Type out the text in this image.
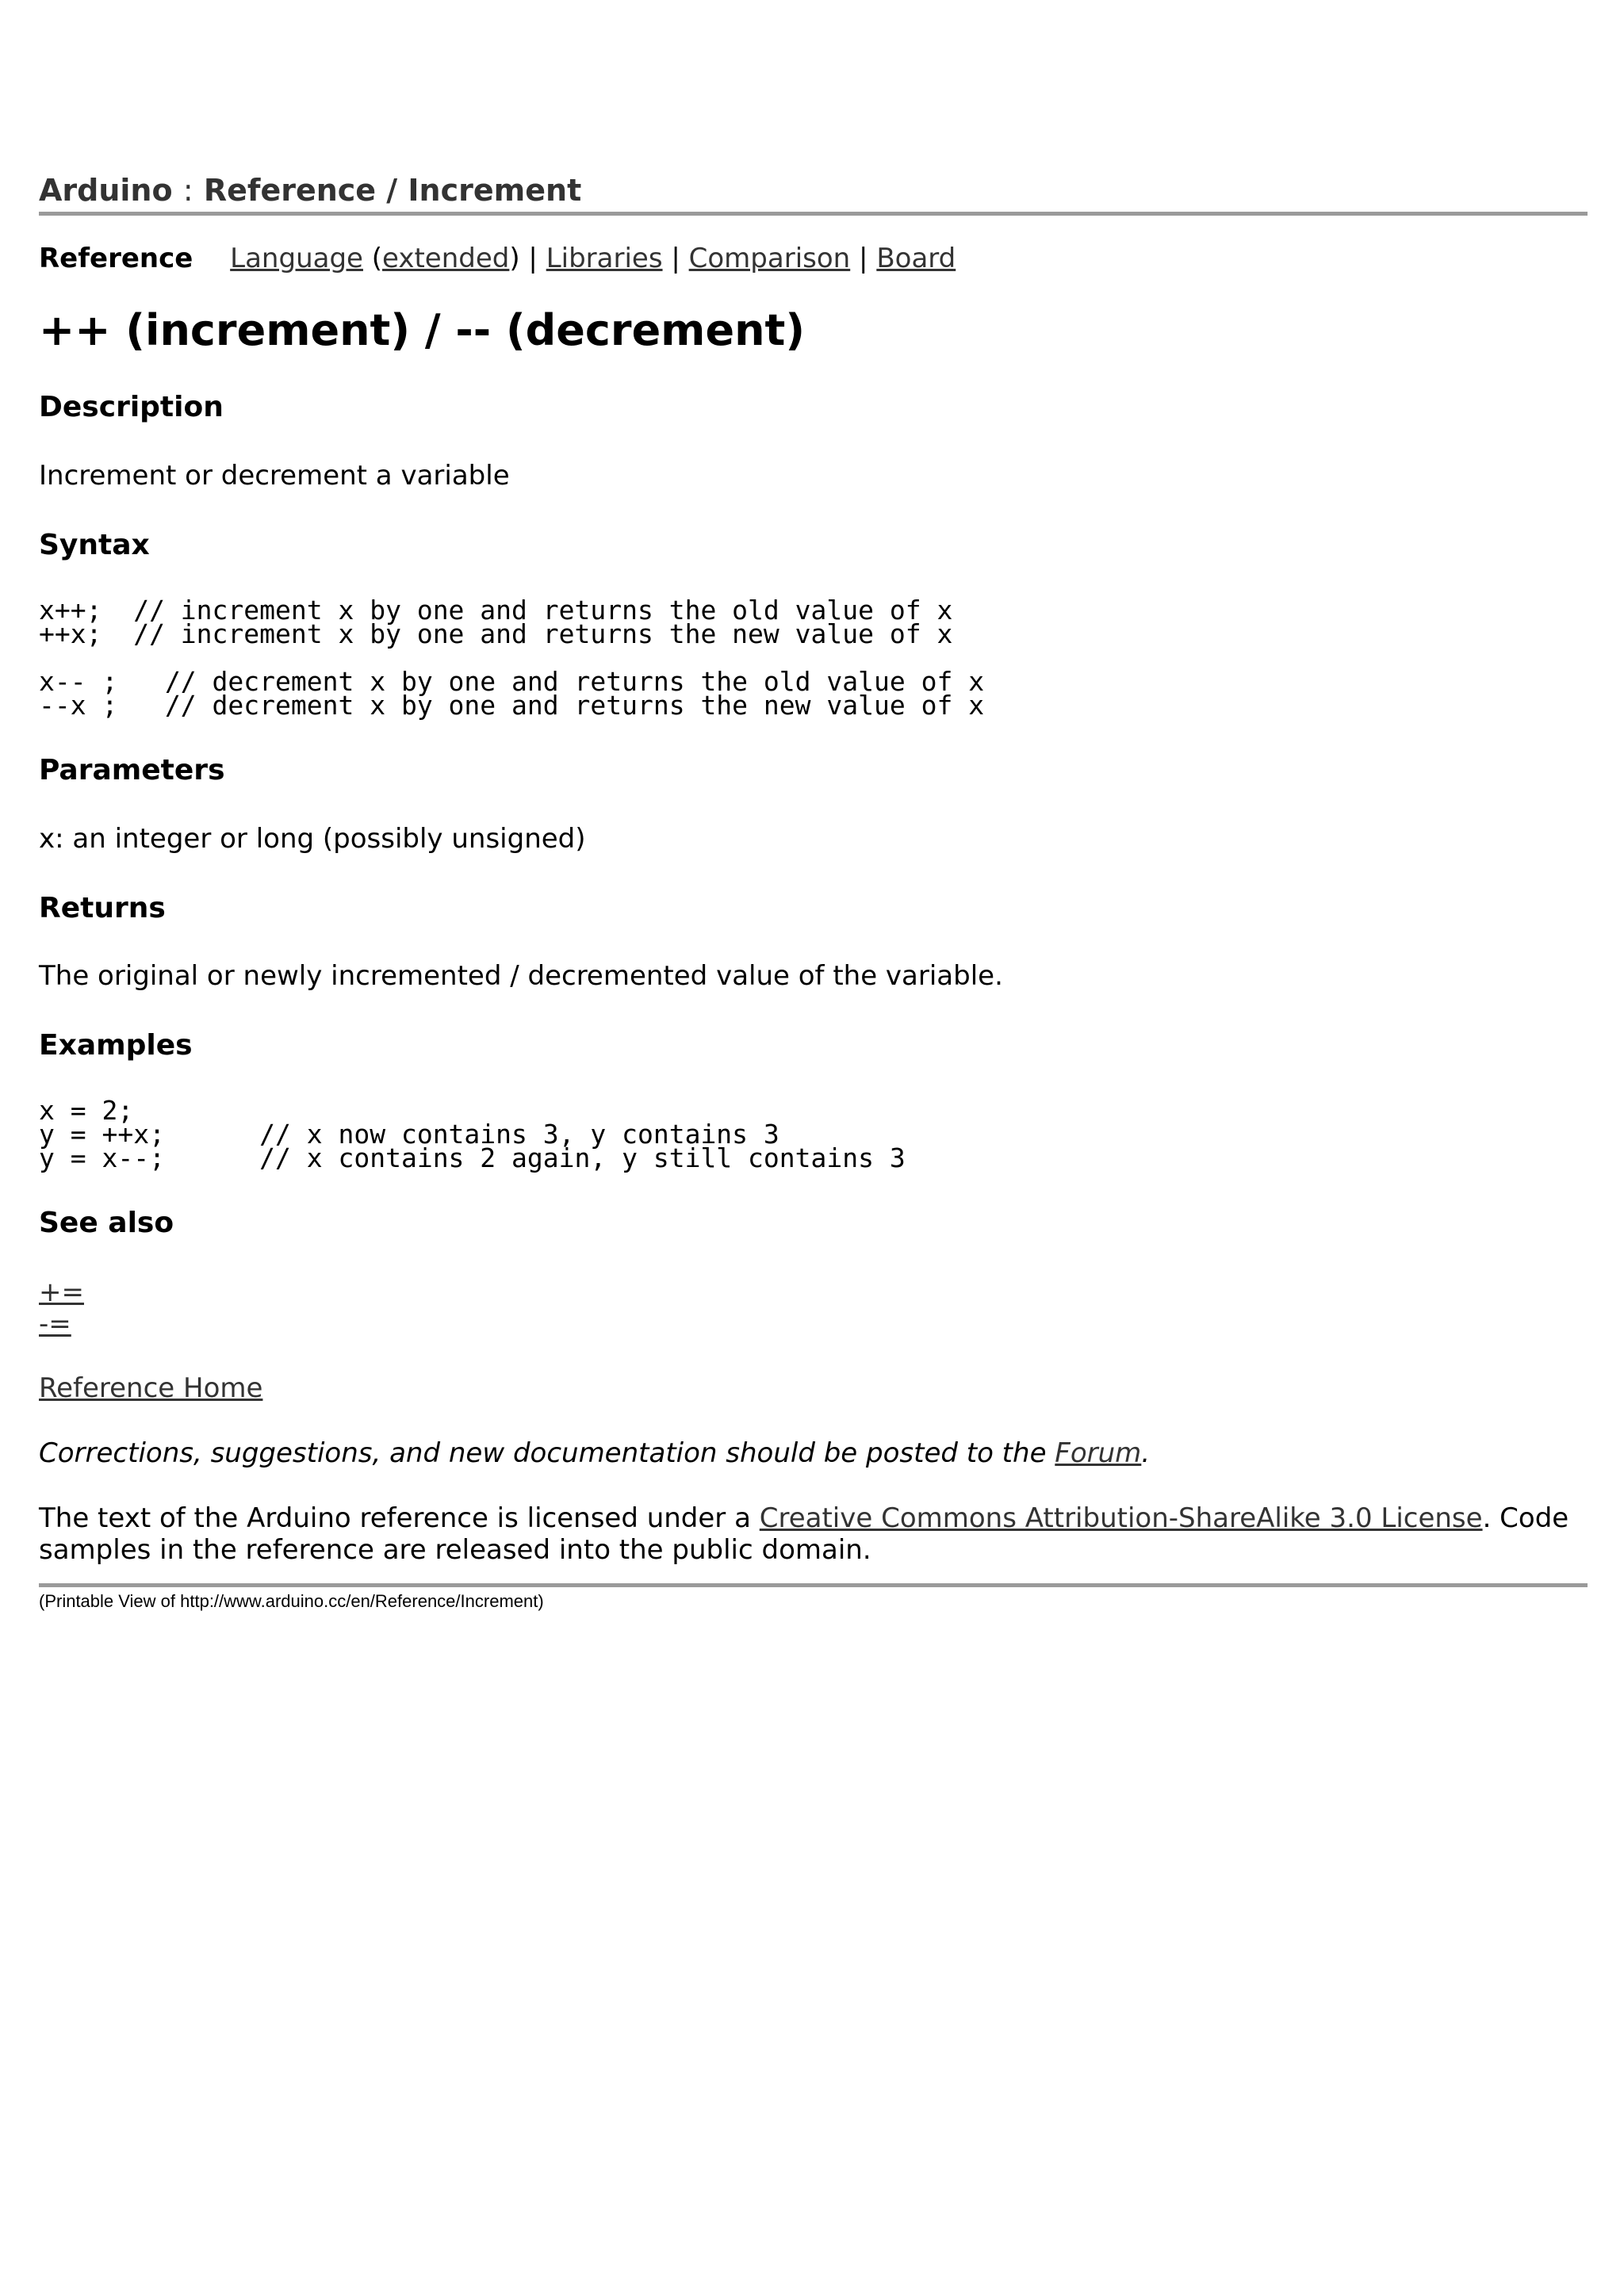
Arduino : Reference / Increment
Reference Language (extended) | Libraries | Comparison | Board
++ (increment) / -- (decrement)
Description

Increment or decrement a variable

Syntax
x++;  // increment x by one and returns the old value of x
++x;  // increment x by one and returns the new value of x
x-- ;   // decrement x by one and returns the old value of x
--x ;   // decrement x by one and returns the new value of x
Parameters

x: an integer or long (possibly unsigned)

Returns

The original or newly incremented / decremented value of the variable.

Examples
x = 2;
y = ++x;      // x now contains 3, y contains 3
y = x--;      // x contains 2 again, y still contains 3
See also
+=
-=

Reference Home

Corrections, suggestions, and new documentation should be posted to the Forum.

The text of the Arduino reference is licensed under a Creative Commons Attribution-ShareAlike 3.0 License. Code samples in the reference are released into the public domain.
(Printable View of http://www.arduino.cc/en/Reference/Increment)
